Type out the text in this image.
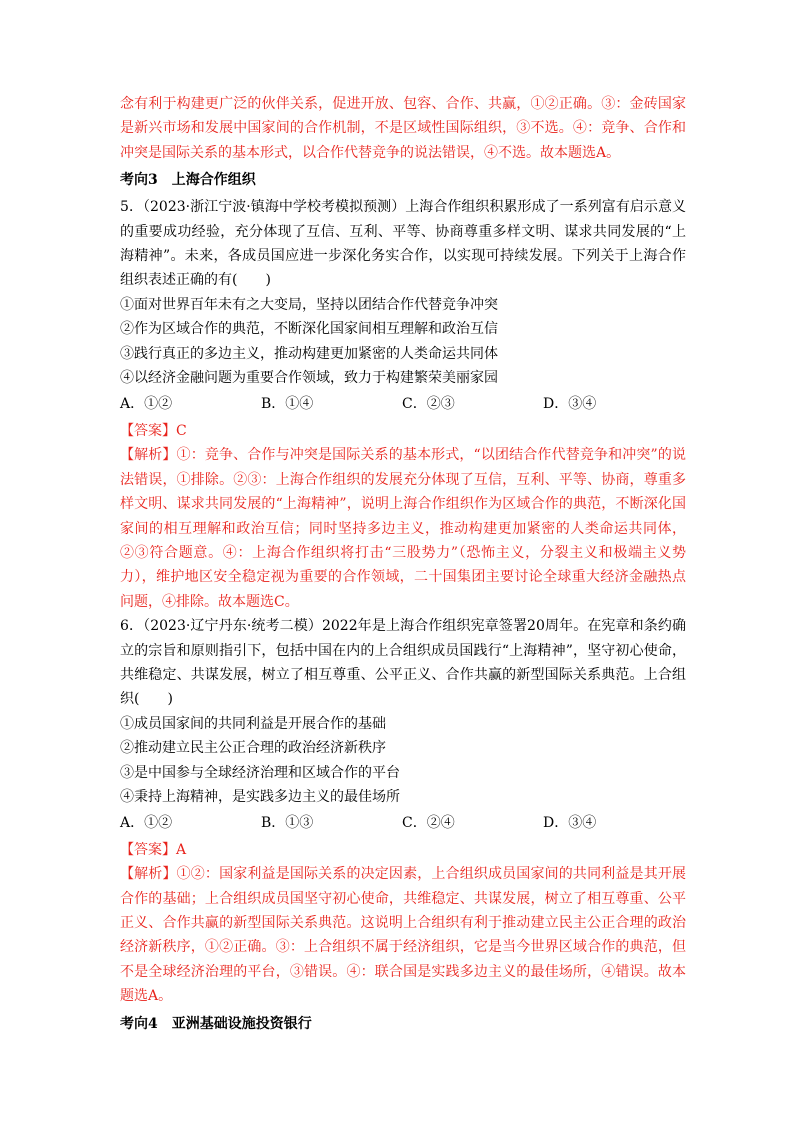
念有利于构建更广泛的伙伴关系，促进开放、包容、合作、共赢，①②正确。③：金砖国家是新兴市场和发展中国家间的合作机制，不是区域性国际组织，③不选。④：竞争、合作和冲突是国际关系的基本形式，以合作代替竞争的说法错误，④不选。故本题选A。

考向3　上海合作组织

5．（2023·浙江宁波·镇海中学校考模拟预测）上海合作组织积累形成了一系列富有启示意义的重要成功经验，充分体现了互信、互利、平等、协商尊重多样文明、谋求共同发展的“上海精神”。未来，各成员国应进一步深化务实合作，以实现可持续发展。下列关于上海合作组织表述正确的有(　　)

①面对世界百年未有之大变局，坚持以团结合作代替竞争冲突

②作为区域合作的典范，不断深化国家间相互理解和政治互信

③践行真正的多边主义，推动构建更加紧密的人类命运共同体

④以经济金融问题为重要合作领域，致力于构建繁荣美丽家园

A．①②	B．①④	C．②③	D．③④

【答案】C

【解析】①：竞争、合作与冲突是国际关系的基本形式，“以团结合作代替竞争和冲突”的说法错误，①排除。②③：上海合作组织的发展充分体现了互信，互利、平等、协商，尊重多样文明、谋求共同发展的“上海精神”，说明上海合作组织作为区域合作的典范，不断深化国家间的相互理解和政治互信；同时坚持多边主义，推动构建更加紧密的人类命运共同体，②③符合题意。④：上海合作组织将打击“三股势力”（恐怖主义，分裂主义和极端主义势力），维护地区安全稳定视为重要的合作领域，二十国集团主要讨论全球重大经济金融热点问题，④排除。故本题选C。

6．（2023·辽宁丹东·统考二模）2022年是上海合作组织宪章签署20周年。在宪章和条约确立的宗旨和原则指引下，包括中国在内的上合组织成员国践行“上海精神”，坚守初心使命，共维稳定、共谋发展，树立了相互尊重、公平正义、合作共赢的新型国际关系典范。上合组织(　　)

①成员国家间的共同利益是开展合作的基础

②推动建立民主公正合理的政治经济新秩序

③是中国参与全球经济治理和区域合作的平台

④秉持上海精神，是实践多边主义的最佳场所

A．①②	B．①③	C．②④	D．③④

【答案】A

【解析】①②：国家利益是国际关系的决定因素，上合组织成员国家间的共同利益是其开展合作的基础；上合组织成员国坚守初心使命，共维稳定、共谋发展，树立了相互尊重、公平正义、合作共赢的新型国际关系典范。这说明上合组织有利于推动建立民主公正合理的政治经济新秩序，①②正确。③：上合组织不属于经济组织，它是当今世界区域合作的典范，但不是全球经济治理的平台，③错误。④：联合国是实践多边主义的最佳场所，④错误。故本题选A。

考向4　亚洲基础设施投资银行
